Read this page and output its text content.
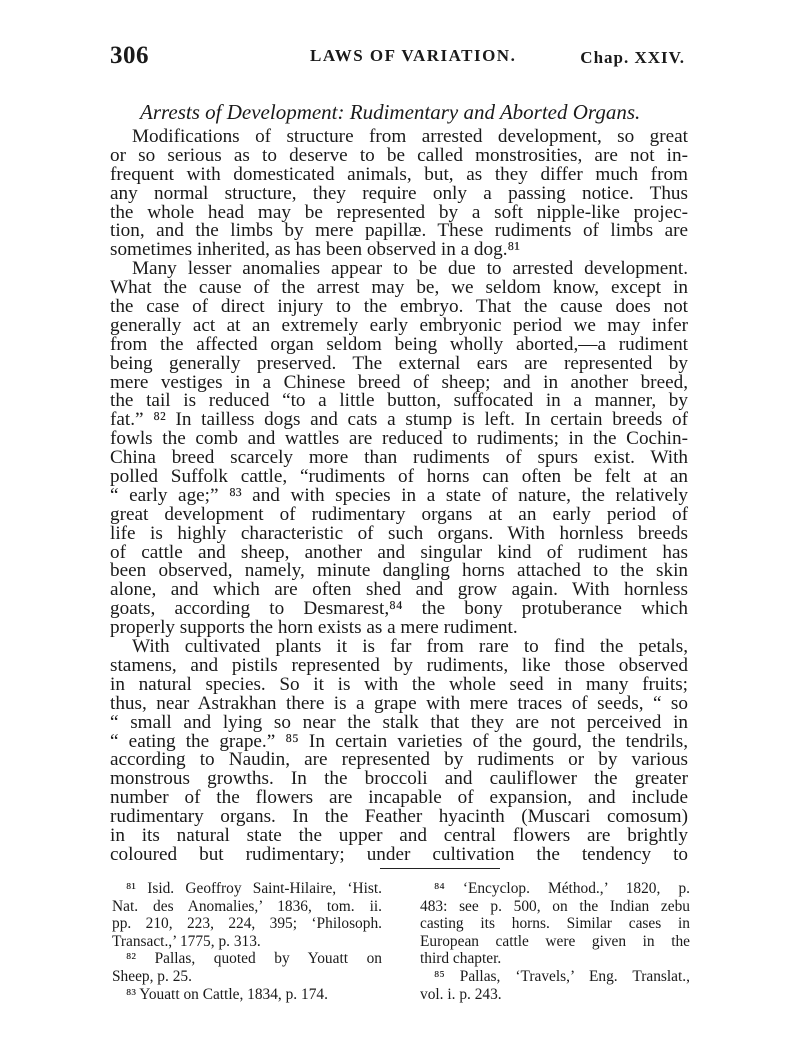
306	LAWS OF VARIATION.	Chap. XXIV.
Arrests of Development: Rudimentary and Aborted Organs.
Modifications of structure from arrested development, so great
or so serious as to deserve to be called monstrosities, are not in-
frequent with domesticated animals, but, as they differ much from
any normal structure, they require only a passing notice. Thus
the whole head may be represented by a soft nipple-like projec-
tion, and the limbs by mere papillæ. These rudiments of limbs are
sometimes inherited, as has been observed in a dog.⁸¹
Many lesser anomalies appear to be due to arrested development.
What the cause of the arrest may be, we seldom know, except in
the case of direct injury to the embryo. That the cause does not
generally act at an extremely early embryonic period we may infer
from the affected organ seldom being wholly aborted,—a rudiment
being generally preserved. The external ears are represented by
mere vestiges in a Chinese breed of sheep; and in another breed,
the tail is reduced “to a little button, suffocated in a manner, by
fat.” ⁸² In tailless dogs and cats a stump is left. In certain breeds of
fowls the comb and wattles are reduced to rudiments; in the Cochin-
China breed scarcely more than rudiments of spurs exist. With
polled Suffolk cattle, “rudiments of horns can often be felt at an
“ early age;” ⁸³ and with species in a state of nature, the relatively
great development of rudimentary organs at an early period of
life is highly characteristic of such organs. With hornless breeds
of cattle and sheep, another and singular kind of rudiment has
been observed, namely, minute dangling horns attached to the skin
alone, and which are often shed and grow again. With hornless
goats, according to Desmarest,⁸⁴ the bony protuberance which
properly supports the horn exists as a mere rudiment.
With cultivated plants it is far from rare to find the petals,
stamens, and pistils represented by rudiments, like those observed
in natural species. So it is with the whole seed in many fruits;
thus, near Astrakhan there is a grape with mere traces of seeds, “ so
“ small and lying so near the stalk that they are not perceived in
“ eating the grape.” ⁸⁵ In certain varieties of the gourd, the tendrils,
according to Naudin, are represented by rudiments or by various
monstrous growths. In the broccoli and cauliflower the greater
number of the flowers are incapable of expansion, and include
rudimentary organs. In the Feather hyacinth (Muscari comosum)
in its natural state the upper and central flowers are brightly
coloured but rudimentary; under cultivation the tendency to
⁸¹ Isid. Geoffroy Saint-Hilaire, ‘Hist.
Nat. des Anomalies,’ 1836, tom. ii.
pp. 210, 223, 224, 395; ‘Philosoph.
Transact.,’ 1775, p. 313.
⁸² Pallas, quoted by Youatt on
Sheep, p. 25.
⁸³ Youatt on Cattle, 1834, p. 174.
⁸⁴ ‘Encyclop. Méthod.,’ 1820, p.
483: see p. 500, on the Indian zebu
casting its horns. Similar cases in
European cattle were given in the
third chapter.
⁸⁵ Pallas, ‘Travels,’ Eng. Translat.,
vol. i. p. 243.
